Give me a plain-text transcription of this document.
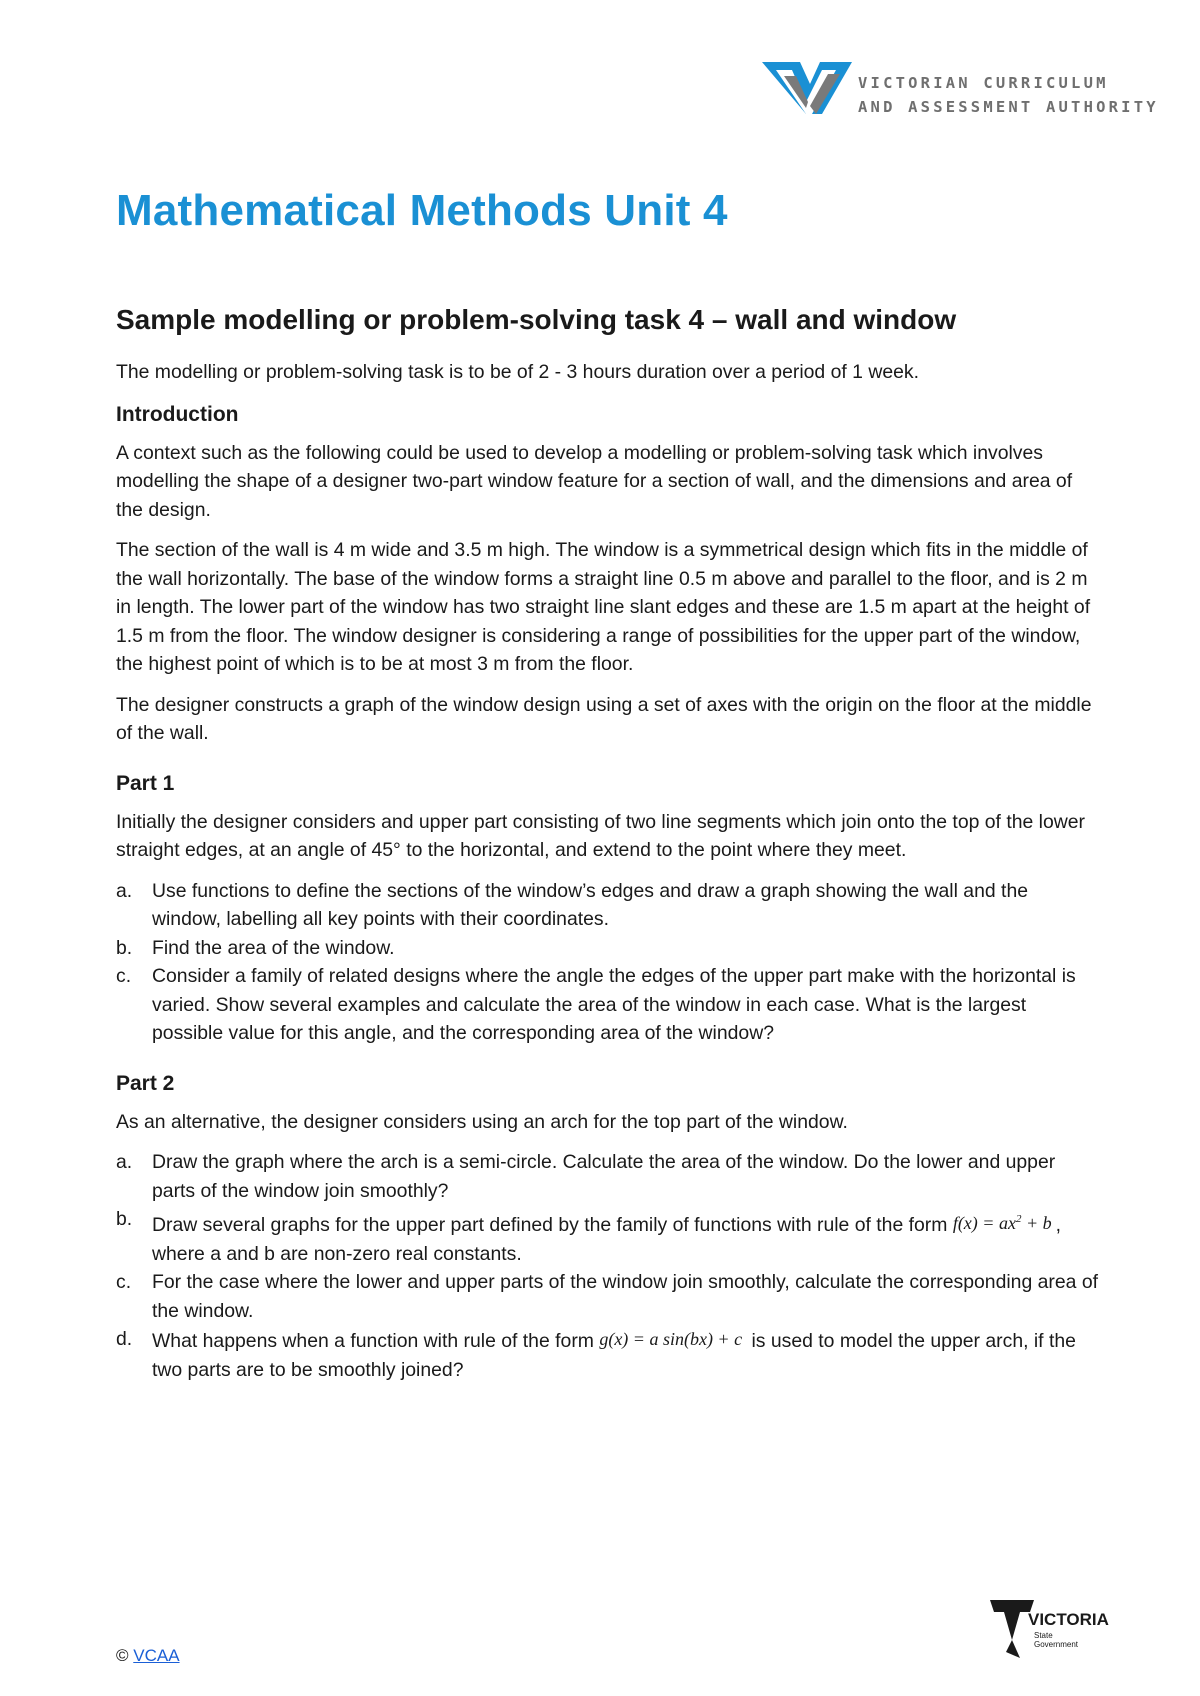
VICTORIAN CURRICULUM
AND ASSESSMENT AUTHORITY
Mathematical Methods Unit 4
Sample modelling or problem-solving task 4 – wall and window

The modelling or problem-solving task is to be of 2 - 3 hours duration over a period of 1 week.

Introduction

A context such as the following could be used to develop a modelling or problem-solving task which involves modelling the shape of a designer two-part window feature for a section of wall, and the dimensions and area of the design.

The section of the wall is 4 m wide and 3.5 m high. The window is a symmetrical design which fits in the middle of the wall horizontally. The base of the window forms a straight line 0.5 m above and parallel to the floor, and is 2 m in length. The lower part of the window has two straight line slant edges and these are 1.5 m apart at the height of 1.5 m from the floor. The window designer is considering a range of possibilities for the upper part of the window, the highest point of which is to be at most 3 m from the floor.

The designer constructs a graph of the window design using a set of axes with the origin on the floor at the middle of the wall.

Part 1

Initially the designer considers and upper part consisting of two line segments which join onto the top of the lower straight edges, at an angle of 45° to the horizontal, and extend to the point where they meet.

a. Use functions to define the sections of the window’s edges and draw a graph showing the wall and the window, labelling all key points with their coordinates.
b. Find the area of the window.
c. Consider a family of related designs where the angle the edges of the upper part make with the horizontal is varied. Show several examples and calculate the area of the window in each case. What is the largest possible value for this angle, and the corresponding area of the window?
Part 2

As an alternative, the designer considers using an arch for the top part of the window.

a. Draw the graph where the arch is a semi-circle. Calculate the area of the window. Do the lower and upper parts of the window join smoothly?
b. Draw several graphs for the upper part defined by the family of functions with rule of the form $f(x) = ax^2 + b$ , where a and b are non-zero real constants.
c. For the case where the lower and upper parts of the window join smoothly, calculate the corresponding area of the window.
d. What happens when a function with rule of the form g(x) = a sin(bx) + c is used to model the upper arch, if the two parts are to be smoothly joined?
© VCAA
VICTORIA
State
Government
